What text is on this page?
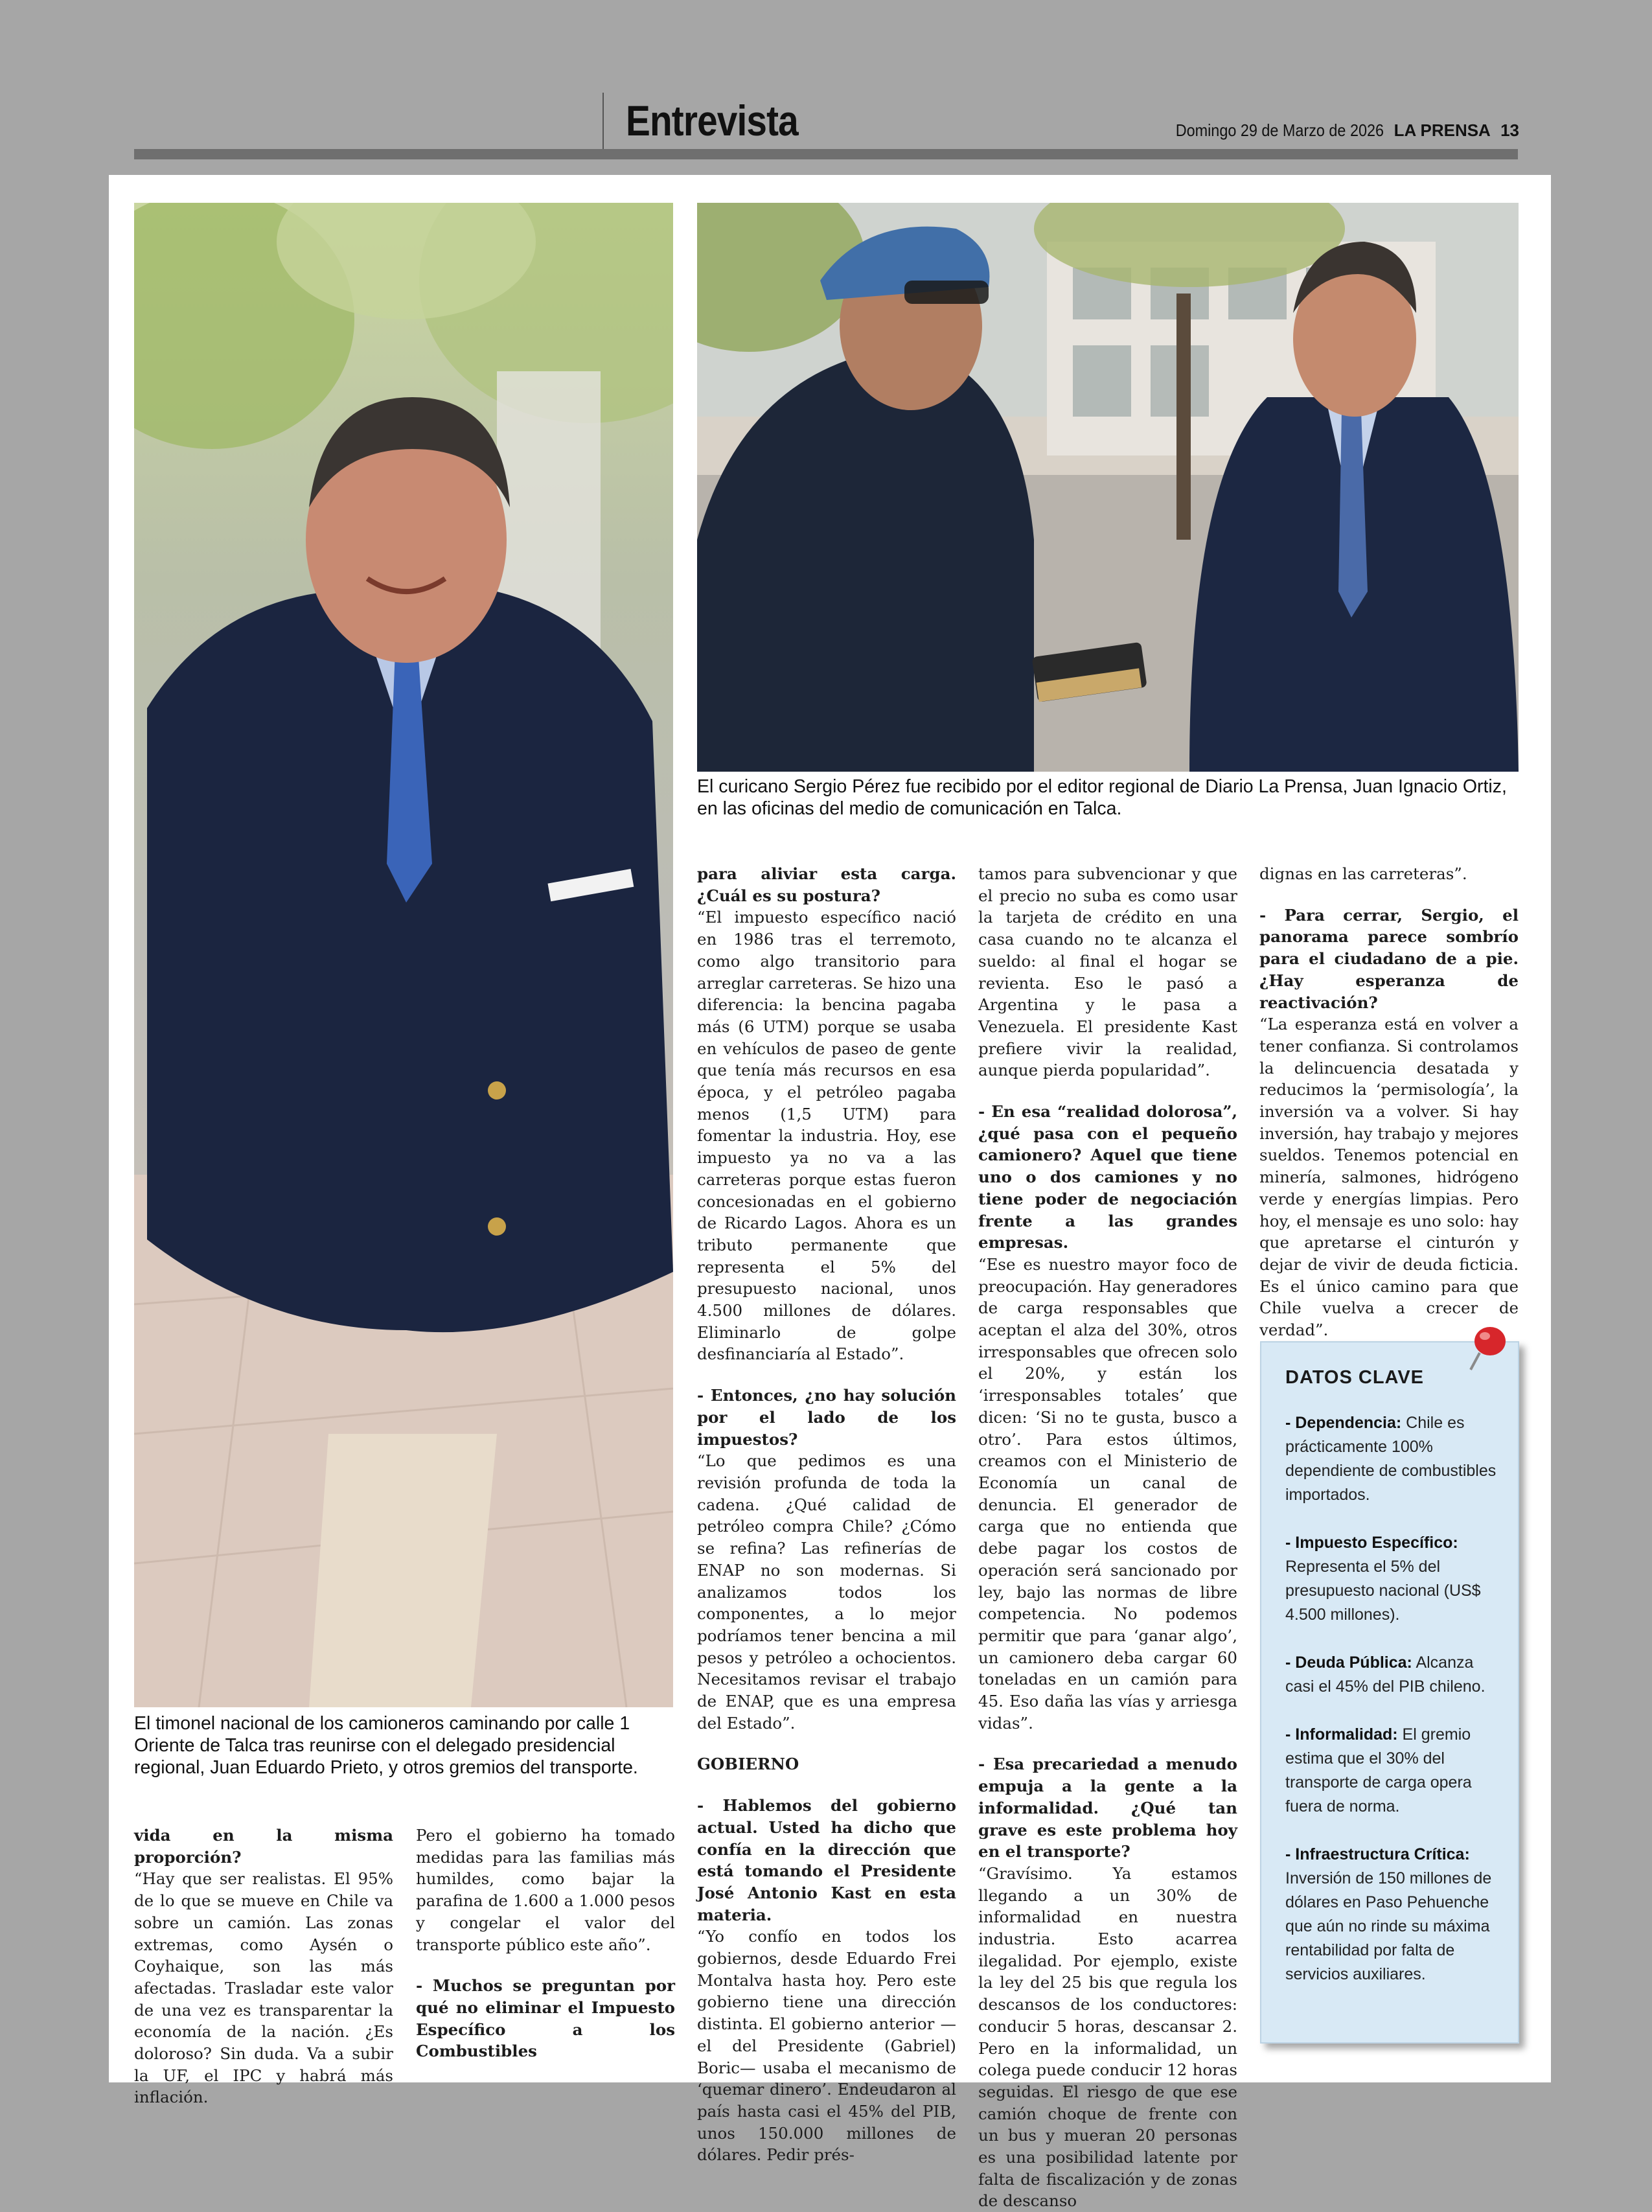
Entrevista	Domingo 29 de Marzo de 2026 LA PRENSA 13
El curicano Sergio Pérez fue recibido por el editor regional de Diario La Prensa, Juan Ignacio Ortiz, en las oficinas del medio de comunicación en Talca.
El timonel nacional de los camioneros caminando por calle 1 Oriente de Talca tras reunirse con el delegado presidencial regional, Juan Eduardo Prieto, y otros gremios del transporte.

vida en la misma proporción?

“Hay que ser realistas. El 95% de lo que se mueve en Chile va sobre un camión. Las zonas extremas, como Aysén o Coyhaique, son las más afectadas. Trasladar este valor de una vez es transparentar la economía de la nación. ¿Es doloroso? Sin duda. Va a subir la UF, el IPC y habrá más inflación.

Pero el gobierno ha tomado medidas para las familias más humildes, como bajar la parafina de 1.600 a 1.000 pesos y congelar el valor del transporte público este año”.

- Muchos se preguntan por qué no eliminar el Impuesto Específico a los Combustibles

para aliviar esta carga. ¿Cuál es su postura?

“El impuesto específico nació en 1986 tras el terremoto, como algo transitorio para arreglar carreteras. Se hizo una diferencia: la bencina pagaba más (6 UTM) porque se usaba en vehículos de paseo de gente que tenía más recursos en esa época, y el petróleo pagaba menos (1,5 UTM) para fomentar la industria. Hoy, ese impuesto ya no va a las carreteras porque estas fueron concesionadas en el gobierno de Ricardo Lagos. Ahora es un tributo permanente que representa el 5% del presupuesto nacional, unos 4.500 millones de dólares. Eliminarlo de golpe desfinanciaría al Estado”.

- Entonces, ¿no hay solución por el lado de los impuestos?

“Lo que pedimos es una revisión profunda de toda la cadena. ¿Qué calidad de petróleo compra Chile? ¿Cómo se refina? Las refinerías de ENAP no son modernas. Si analizamos todos los componentes, a lo mejor podríamos tener bencina a mil pesos y petróleo a ochocientos. Necesitamos revisar el trabajo de ENAP, que es una empresa del Estado”.

GOBIERNO

- Hablemos del gobierno actual. Usted ha dicho que confía en la dirección que está tomando el Presidente José Antonio Kast en esta materia.

“Yo confío en todos los gobiernos, desde Eduardo Frei Montalva hasta hoy. Pero este gobierno tiene una dirección distinta. El gobierno anterior —el del Presidente (Gabriel) Boric— usaba el mecanismo de ‘quemar dinero’. Endeudaron al país hasta casi el 45% del PIB, unos 150.000 millones de dólares. Pedir prés-

tamos para subvencionar y que el precio no suba es como usar la tarjeta de crédito en una casa cuando no te alcanza el sueldo: al final el hogar se revienta. Eso le pasó a Argentina y le pasa a Venezuela. El presidente Kast prefiere vivir la realidad, aunque pierda popularidad”.

- En esa “realidad dolorosa”, ¿qué pasa con el pequeño camionero? Aquel que tiene uno o dos camiones y no tiene poder de negociación frente a las grandes empresas.

“Ese es nuestro mayor foco de preocupación. Hay generadores de carga responsables que aceptan el alza del 30%, otros irresponsables que ofrecen solo el 20%, y están los ‘irresponsables totales’ que dicen: ‘Si no te gusta, busco a otro’. Para estos últimos, creamos con el Ministerio de Economía un canal de denuncia. El generador de carga que no entienda que debe pagar los costos de operación será sancionado por ley, bajo las normas de libre competencia. No podemos permitir que para ‘ganar algo’, un camionero deba cargar 60 toneladas en un camión para 45. Eso daña las vías y arriesga vidas”.

- Esa precariedad a menudo empuja a la gente a la informalidad. ¿Qué tan grave es este problema hoy en el transporte?

“Gravísimo. Ya estamos llegando a un 30% de informalidad en nuestra industria. Esto acarrea ilegalidad. Por ejemplo, existe la ley del 25 bis que regula los descansos de los conductores: conducir 5 horas, descansar 2. Pero en la informalidad, un colega puede conducir 12 horas seguidas. El riesgo de que ese camión choque de frente con un bus y mueran 20 personas es una posibilidad latente por falta de fiscalización y de zonas de descanso

dignas en las carreteras”.

- Para cerrar, Sergio, el panorama parece sombrío para el ciudadano de a pie. ¿Hay esperanza de reactivación?

“La esperanza está en volver a tener confianza. Si controlamos la delincuencia desatada y reducimos la ‘permisología’, la inversión va a volver. Si hay inversión, hay trabajo y mejores sueldos. Tenemos potencial en minería, salmones, hidrógeno verde y energías limpias. Pero hoy, el mensaje es uno solo: hay que apretarse el cinturón y dejar de vivir de deuda ficticia. Es el único camino para que Chile vuelva a crecer de verdad”.

DATOS CLAVE
- Dependencia: Chile es prácticamente 100% dependiente de combustibles importados.
- Impuesto Específico: Representa el 5% del presupuesto nacional (US$ 4.500 millones).
- Deuda Pública: Alcanza casi el 45% del PIB chileno.
- Informalidad: El gremio estima que el 30% del transporte de carga opera fuera de norma.
- Infraestructura Crítica: Inversión de 150 millones de dólares en Paso Pehuenche que aún no rinde su máxima rentabilidad por falta de servicios auxiliares.
